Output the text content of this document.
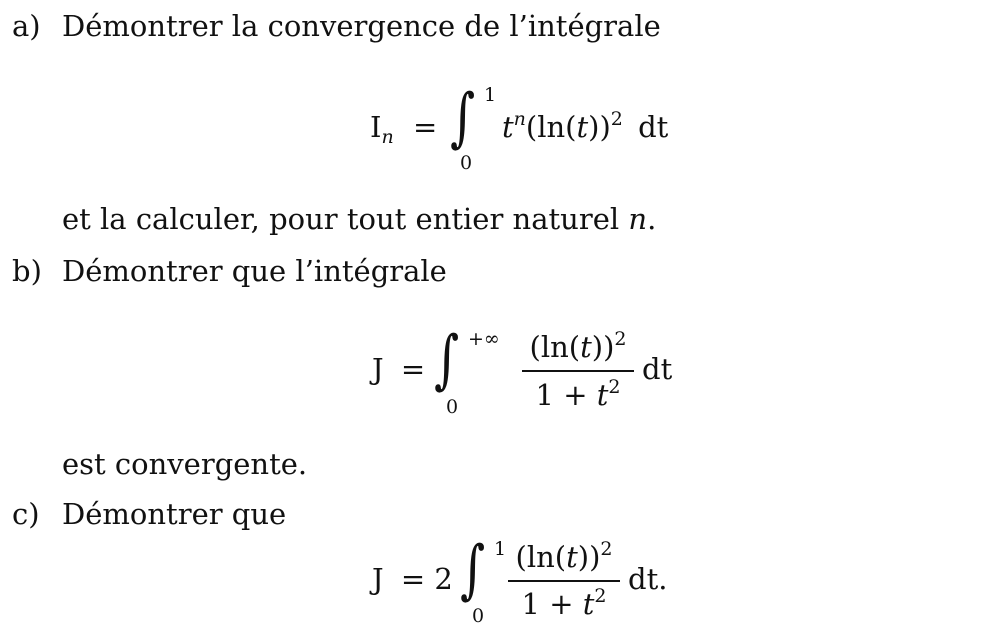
a) Démontrer la convergence de l’intégrale
$I_n$ = ∫ 1
0
$t^n(\ln(t))^2$ dt
et la calculer, pour tout entier naturel n.
b) Démontrer que l’intégrale
J = ∫ +∞
0
$(\ln(t))^2$
$1 + t^2$
dt
est convergente.
c) Démontrer que
J = 2 ∫ 1
0
$(\ln(t))^2$
$1 + t^2$ dt.
